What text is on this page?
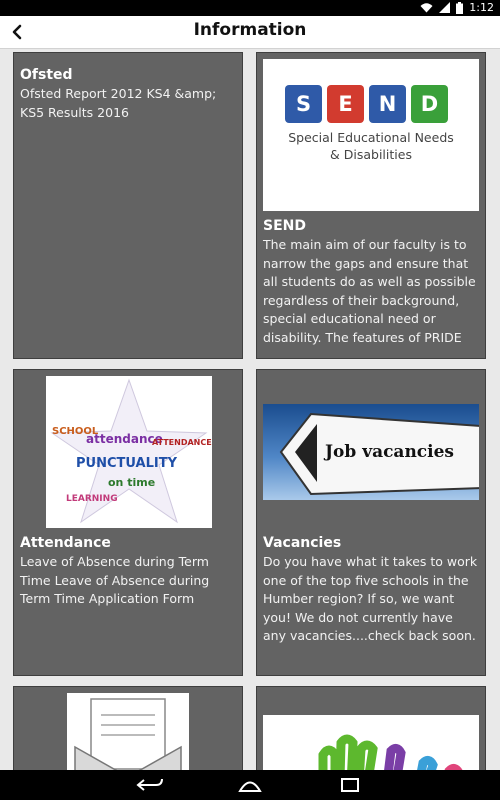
1:12
Information
Ofsted
Ofsted Report 2012 KS4 &amp; KS5 Results 2016	S	E	N	D
Special Educational Needs
& Disabilities
SEND
The main aim of our faculty is to narrow the gaps and ensure that all students do as well as possible regardless of their background, special educational need or disability. The features of PRIDE
attendance
PUNCTUALITY
on time
LEARNING
SCHOOL
ATTENDANCE
Attendance
Leave of Absence during Term Time Leave of Absence during Term Time Application Form
Job vacancies
Vacancies
Do you have what it takes to work one of the top five schools in the Humber region? If so, we want you! We do not currently have any vacancies....check back soon.
